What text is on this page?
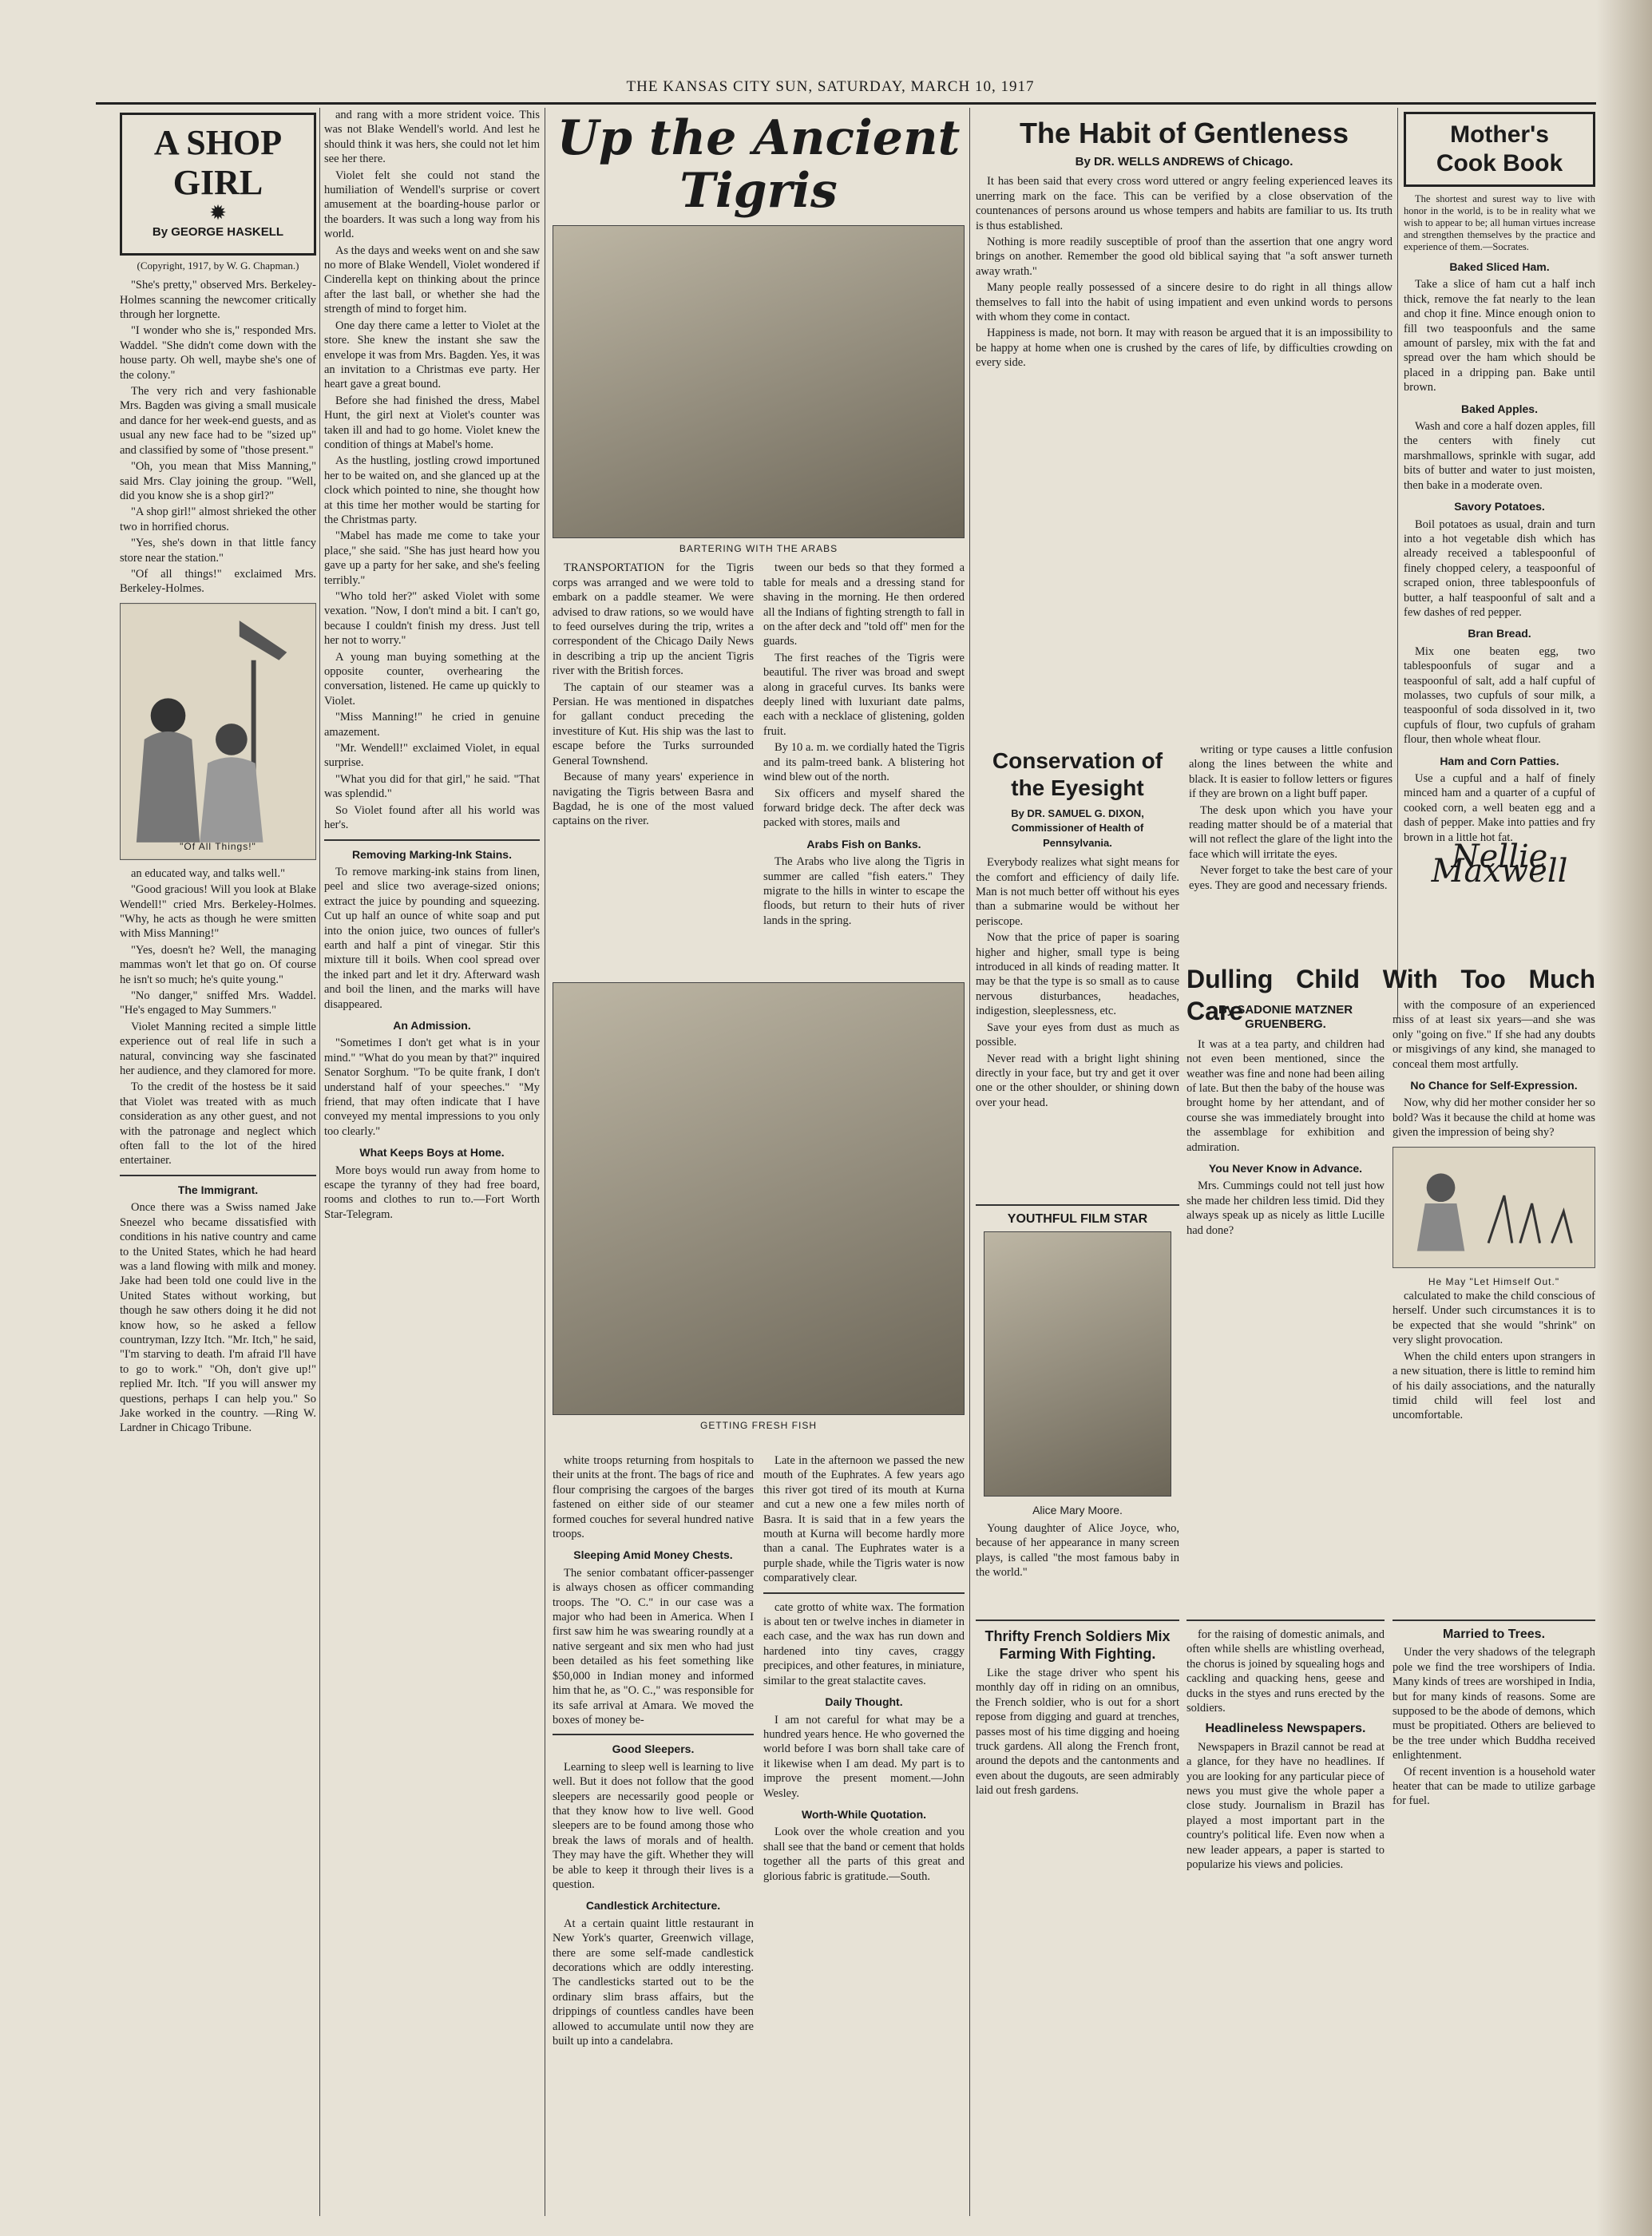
THE KANSAS CITY SUN, SATURDAY, MARCH 10, 1917
A SHOP
GIRL
✹
By GEORGE HASKELL
(Copyright, 1917, by W. G. Chapman.)

"She's pretty," observed Mrs. Berkeley-Holmes scanning the newcomer critically through her lorgnette.

"I wonder who she is," responded Mrs. Waddel. "She didn't come down with the house party. Oh well, maybe she's one of the colony."

The very rich and very fashionable Mrs. Bagden was giving a small musicale and dance for her week-end guests, and as usual any new face had to be "sized up" and classified by some of "those present."

"Oh, you mean that Miss Manning," said Mrs. Clay joining the group. "Well, did you know she is a shop girl?"

"A shop girl!" almost shrieked the other two in horrified chorus.

"Yes, she's down in that little fancy store near the station."

"Of all things!" exclaimed Mrs. Berkeley-Holmes.

"Of All Things!"

an educated way, and talks well."

"Good gracious! Will you look at Blake Wendell!" cried Mrs. Berkeley-Holmes. "Why, he acts as though he were smitten with Miss Manning!"

"Yes, doesn't he? Well, the managing mammas won't let that go on. Of course he isn't so much; he's quite young."

"No danger," sniffed Mrs. Waddel. "He's engaged to May Summers."

Violet Manning recited a simple little experience out of real life in such a natural, convincing way she fascinated her audience, and they clamored for more.

To the credit of the hostess be it said that Violet was treated with as much consideration as any other guest, and not with the patronage and neglect which often fall to the lot of the hired entertainer.

The Immigrant.

Once there was a Swiss named Jake Sneezel who became dissatisfied with conditions in his native country and came to the United States, which he had heard was a land flowing with milk and money. Jake had been told one could live in the United States without working, but though he saw others doing it he did not know how, so he asked a fellow countryman, Izzy Itch. "Mr. Itch," he said, "I'm starving to death. I'm afraid I'll have to go to work." "Oh, don't give up!" replied Mr. Itch. "If you will answer my questions, perhaps I can help you." So Jake worked in the country. —Ring W. Lardner in Chicago Tribune.

and rang with a more strident voice. This was not Blake Wendell's world. And lest he should think it was hers, she could not let him see her there.

Violet felt she could not stand the humiliation of Wendell's surprise or covert amusement at the boarding-house parlor or the boarders. It was such a long way from his world.

As the days and weeks went on and she saw no more of Blake Wendell, Violet wondered if Cinderella kept on thinking about the prince after the last ball, or whether she had the strength of mind to forget him.

One day there came a letter to Violet at the store. She knew the instant she saw the envelope it was from Mrs. Bagden. Yes, it was an invitation to a Christmas eve party. Her heart gave a great bound.

Before she had finished the dress, Mabel Hunt, the girl next at Violet's counter was taken ill and had to go home. Violet knew the condition of things at Mabel's home.

As the hustling, jostling crowd importuned her to be waited on, and she glanced up at the clock which pointed to nine, she thought how at this time her mother would be starting for the Christmas party.

"Mabel has made me come to take your place," she said. "She has just heard how you gave up a party for her sake, and she's feeling terribly."

"Who told her?" asked Violet with some vexation. "Now, I don't mind a bit. I can't go, because I couldn't finish my dress. Just tell her not to worry."

A young man buying something at the opposite counter, overhearing the conversation, listened. He came up quickly to Violet.

"Miss Manning!" he cried in genuine amazement.

"Mr. Wendell!" exclaimed Violet, in equal surprise.

"What you did for that girl," he said. "That was splendid."

So Violet found after all his world was her's.

Removing Marking-Ink Stains.

To remove marking-ink stains from linen, peel and slice two average-sized onions; extract the juice by pounding and squeezing. Cut up half an ounce of white soap and put into the onion juice, two ounces of fuller's earth and half a pint of vinegar. Stir this mixture till it boils. When cool spread over the inked part and let it dry. Afterward wash and boil the linen, and the marks will have disappeared.

An Admission.

"Sometimes I don't get what is in your mind." "What do you mean by that?" inquired Senator Sorghum. "To be quite frank, I don't understand half of your speeches." "My friend, that may often indicate that I have conveyed my mental impressions to you only too clearly."

What Keeps Boys at Home.

More boys would run away from home to escape the tyranny of they had free board, rooms and clothes to run to.—Fort Worth Star-Telegram.

Up the Ancient
Tigris
BARTERING WITH THE ARABS

TRANSPORTATION for the Tigris corps was arranged and we were told to embark on a paddle steamer. We were advised to draw rations, so we would have to feed ourselves during the trip, writes a correspondent of the Chicago Daily News in describing a trip up the ancient Tigris river with the British forces.

The captain of our steamer was a Persian. He was mentioned in dispatches for gallant conduct preceding the investiture of Kut. His ship was the last to escape before the Turks surrounded General Townshend.

Because of many years' experience in navigating the Tigris between Basra and Bagdad, he is one of the most valued captains on the river.

tween our beds so that they formed a table for meals and a dressing stand for shaving in the morning. He then ordered all the Indians of fighting strength to fall in on the after deck and "told off" men for the guards.

The first reaches of the Tigris were beautiful. The river was broad and swept along in graceful curves. Its banks were deeply lined with luxuriant date palms, each with a necklace of glistening, golden fruit.

By 10 a. m. we cordially hated the Tigris and its palm-treed bank. A blistering hot wind blew out of the north.

Six officers and myself shared the forward bridge deck. The after deck was packed with stores, mails and

Arabs Fish on Banks.

The Arabs who live along the Tigris in summer are called "fish eaters." They migrate to the hills in winter to escape the floods, but return to their huts of river lands in the spring.

GETTING FRESH FISH

white troops returning from hospitals to their units at the front. The bags of rice and flour comprising the cargoes of the barges fastened on either side of our steamer formed couches for several hundred native troops.

Sleeping Amid Money Chests.

The senior combatant officer-passenger is always chosen as officer commanding troops. The "O. C." in our case was a major who had been in America. When I first saw him he was swearing roundly at a native sergeant and six men who had just been detailed as his feet something like $50,000 in Indian money and informed him that he, as "O. C.," was responsible for its safe arrival at Amara. We moved the boxes of money be-

Good Sleepers.

Learning to sleep well is learning to live well. But it does not follow that the good sleepers are necessarily good people or that they know how to live well. Good sleepers are to be found among those who break the laws of morals and of health. They may have the gift. Whether they will be able to keep it through their lives is a question.

Candlestick Architecture.

At a certain quaint little restaurant in New York's quarter, Greenwich village, there are some self-made candlestick decorations which are oddly interesting. The candlesticks started out to be the ordinary slim brass affairs, but the drippings of countless candles have been allowed to accumulate until now they are built up into a candelabra.

Late in the afternoon we passed the new mouth of the Euphrates. A few years ago this river got tired of its mouth at Kurna and cut a new one a few miles north of Basra. It is said that in a few years the mouth at Kurna will become hardly more than a canal. The Euphrates water is a purple shade, while the Tigris water is now comparatively clear.

cate grotto of white wax. The formation is about ten or twelve inches in diameter in each case, and the wax has run down and hardened into tiny caves, craggy precipices, and other features, in miniature, similar to the great stalactite caves.

Daily Thought.

I am not careful for what may be a hundred years hence. He who governed the world before I was born shall take care of it likewise when I am dead. My part is to improve the present moment.—John Wesley.

Worth-While Quotation.

Look over the whole creation and you shall see that the band or cement that holds together all the parts of this great and glorious fabric is gratitude.—South.

The Habit of Gentleness
By DR. WELLS ANDREWS of Chicago.

It has been said that every cross word uttered or angry feeling experienced leaves its unerring mark on the face. This can be verified by a close observation of the countenances of persons around us whose tempers and habits are familiar to us. Its truth is thus established.

Nothing is more readily susceptible of proof than the assertion that one angry word brings on another. Remember the good old biblical saying that "a soft answer turneth away wrath."

Many people really possessed of a sincere desire to do right in all things allow themselves to fall into the habit of using impatient and even unkind words to persons with whom they come in contact.

Happiness is made, not born. It may with reason be argued that it is an impossibility to be happy at home when one is crushed by the cares of life, by difficulties crowding on every side.

Mother's
Cook Book

The shortest and surest way to live with honor in the world, is to be in reality what we wish to appear to be; all human virtues increase and strengthen themselves by the practice and experience of them.—Socrates.

Baked Sliced Ham.

Take a slice of ham cut a half inch thick, remove the fat nearly to the lean and chop it fine. Mince enough onion to fill two teaspoonfuls and the same amount of parsley, mix with the fat and spread over the ham which should be placed in a dripping pan. Bake until brown.

Baked Apples.

Wash and core a half dozen apples, fill the centers with finely cut marshmallows, sprinkle with sugar, add bits of butter and water to just moisten, then bake in a moderate oven.

Savory Potatoes.

Boil potatoes as usual, drain and turn into a hot vegetable dish which has already received a tablespoonful of finely chopped celery, a teaspoonful of scraped onion, three tablespoonfuls of butter, a half teaspoonful of salt and a few dashes of red pepper.

Bran Bread.

Mix one beaten egg, two tablespoonfuls of sugar and a teaspoonful of salt, add a half cupful of molasses, two cupfuls of sour milk, a teaspoonful of soda dissolved in it, two cupfuls of flour, two cupfuls of graham flour, then whole wheat flour.

Ham and Corn Patties.

Use a cupful and a half of finely minced ham and a quarter of a cupful of cooked corn, a well beaten egg and a dash of pepper. Make into patties and fry brown in a little hot fat.

Nellie Maxwell
Conservation of
the Eyesight
By DR. SAMUEL G. DIXON, Commissioner of Health of Pennsylvania.

Everybody realizes what sight means for the comfort and efficiency of daily life. Man is not much better off without his eyes than a submarine would be without her periscope.

Now that the price of paper is soaring higher and higher, small type is being introduced in all kinds of reading matter. It may be that the type is so small as to cause nervous disturbances, headaches, indigestion, sleeplessness, etc.

Save your eyes from dust as much as possible.

Never read with a bright light shining directly in your face, but try and get it over one or the other shoulder, or shining down over your head.

writing or type causes a little confusion along the lines between the white and black. It is easier to follow letters or figures if they are brown on a light buff paper.

The desk upon which you have your reading matter should be of a material that will not reflect the glare of the light into the face which will irritate the eyes.

Never forget to take the best care of your eyes. They are good and necessary friends.

Dulling Child With Too Much Care
YOUTHFUL FILM STAR
Alice Mary Moore.

Young daughter of Alice Joyce, who, because of her appearance in many screen plays, is called "the most famous baby in the world."

By SADONIE MATZNER GRUENBERG.

It was at a tea party, and children had not even been mentioned, since the weather was fine and none had been ailing of late. But then the baby of the house was brought home by her attendant, and of course she was immediately brought into the assemblage for exhibition and admiration.

You Never Know in Advance.

Mrs. Cummings could not tell just how she made her children less timid. Did they always speak up as nicely as little Lucille had done?

with the composure of an experienced miss of at least six years—and she was only "going on five." If she had any doubts or misgivings of any kind, she managed to conceal them most artfully.

No Chance for Self-Expression.

Now, why did her mother consider her so bold? Was it because the child at home was given the impression of being shy?

He May "Let Himself Out."

calculated to make the child conscious of herself. Under such circumstances it is to be expected that she would "shrink" on very slight provocation.

When the child enters upon strangers in a new situation, there is little to remind him of his daily associations, and the naturally timid child will feel lost and uncomfortable.

Thrifty French Soldiers Mix Farming With Fighting.

Like the stage driver who spent his monthly day off in riding on an omnibus, the French soldier, who is out for a short repose from digging and guard at trenches, passes most of his time digging and hoeing truck gardens. All along the French front, around the depots and the cantonments and even about the dugouts, are seen admirably laid out fresh gardens.

for the raising of domestic animals, and often while shells are whistling overhead, the chorus is joined by squealing hogs and cackling and quacking hens, geese and ducks in the styes and runs erected by the soldiers.

Headlineless Newspapers.

Newspapers in Brazil cannot be read at a glance, for they have no headlines. If you are looking for any particular piece of news you must give the whole paper a close study. Journalism in Brazil has played a most important part in the country's political life. Even now when a new leader appears, a paper is started to popularize his views and policies.

Married to Trees.

Under the very shadows of the telegraph pole we find the tree worshipers of India. Many kinds of trees are worshiped in India, but for many kinds of reasons. Some are supposed to be the abode of demons, which must be propitiated. Others are believed to be the tree under which Buddha received enlightenment.

Of recent invention is a household water heater that can be made to utilize garbage for fuel.
